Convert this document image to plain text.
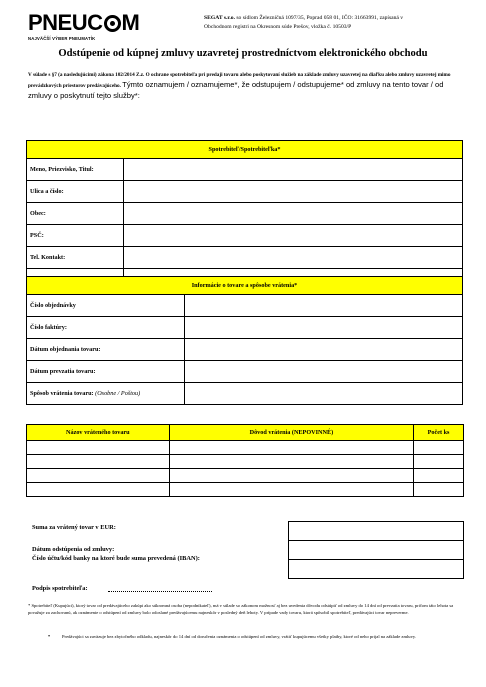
PNEUC M
NAJVÄČŠÍ VÝBER PNEUMATÍK
SEGAT s.r.o. so sídlom Železničná 1097/35, Poprad 058 01, IČO: 31663991, zapísaná v
Obchodnom registri na Okresnom súde Prešov, vložka č. 10503/P
Odstúpenie od kúpnej zmluvy uzavretej prostredníctvom elektronického obchodu
V súlade s §7 (a nasledujúcimi) zákona 102/2014 Z.z. O ochrane spotrebiteľa pri predaji tovaru alebo poskytovaní služieb na základe zmluvy uzavretej na diaľku alebo zmluvy uzavretej mimo prevádzkových priestorov predávajúceho. Týmto oznamujem / oznamujeme*, že odstupujem / odstupujeme* od zmluvy na tento tovar / od zmluvy o poskytnutí tejto služby*:
Spotrebiteľ/Spotrebiteľka*	
Meno, Priezvisko, Titul:	
Ulica a číslo:	
Obec:	
PSČ:	
Tel. Kontakt:	

Informácie o tovare a spôsobe vrátenia*	
Číslo objednávky	
Číslo faktúry:	
Dátum objednania tovaru:	
Dátum prevzatia tovaru:	
Spôsob vrátenia tovaru: (Osobne / Poštou)	
Názov vráteného tovaru	Dôvod vrátenia (NEPOVINNÉ)	Počet ks

Suma za vrátený tovar v EUR:
Dátum odstúpenia od zmluvy:
Číslo účtu/kód banky na ktoré bude suma prevedená (IBAN):
Podpis spotrebiteľa:

* Spotrebiteľ (Kupujúci), ktorý tovar od predávajúceho zakúpi ako súkromná osoba (nepodnikateľ), má v súlade so zákonom možnosť aj bez uvedenia dôvodu odstúpiť od zmluvy do 14 dní od prevzatia tovaru, pričom táto lehota sa považuje za zachovanú, ak oznámenie o odstúpení od zmluvy bolo odoslané predávajúcemu najneskôr v posledný deň lehoty. V prípade vady tovaru, ktorá spôsobil spotrebiteľ, predávajúci tovar nepreverme.
•	Predávajúci sa zaväzuje bez zbytočného odkladu, najneskôr do 14 dní od doručenia oznámenia o odstúpení od zmluvy, vrátiť kupujúcemu všetky platby, ktoré od neho prijal na základe zmluvy.
